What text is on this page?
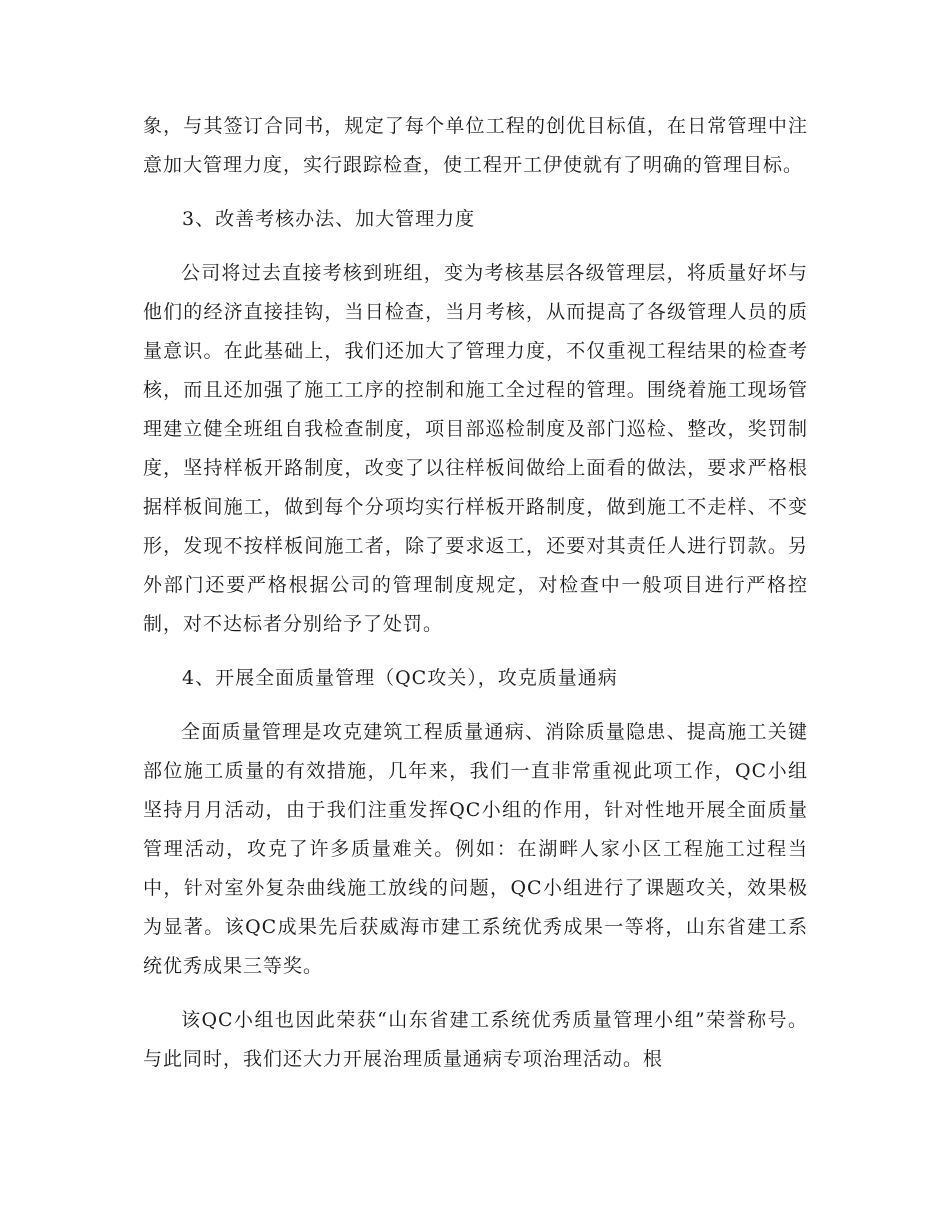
象，与其签订合同书，规定了每个单位工程的创优目标值，在日常管理中注意加大管理力度，实行跟踪检查，使工程开工伊使就有了明确的管理目标。

3、改善考核办法、加大管理力度

公司将过去直接考核到班组，变为考核基层各级管理层，将质量好坏与他们的经济直接挂钩，当日检查，当月考核，从而提高了各级管理人员的质量意识。在此基础上，我们还加大了管理力度，不仅重视工程结果的检查考核，而且还加强了施工工序的控制和施工全过程的管理。围绕着施工现场管理建立健全班组自我检查制度，项目部巡检制度及部门巡检、整改，奖罚制度，坚持样板开路制度，改变了以往样板间做给上面看的做法，要求严格根据样板间施工，做到每个分项均实行样板开路制度，做到施工不走样、不变形，发现不按样板间施工者，除了要求返工，还要对其责任人进行罚款。另外部门还要严格根据公司的管理制度规定，对检查中一般项目进行严格控制，对不达标者分别给予了处罚。

4、开展全面质量管理（QC攻关），攻克质量通病

全面质量管理是攻克建筑工程质量通病、消除质量隐患、提高施工关键部位施工质量的有效措施，几年来，我们一直非常重视此项工作，QC小组坚持月月活动，由于我们注重发挥QC小组的作用，针对性地开展全面质量管理活动，攻克了许多质量难关。例如：在湖畔人家小区工程施工过程当中，针对室外复杂曲线施工放线的问题，QC小组进行了课题攻关，效果极为显著。该QC成果先后获威海市建工系统优秀成果一等将，山东省建工系统优秀成果三等奖。

该QC小组也因此荣获“山东省建工系统优秀质量管理小组”荣誉称号。与此同时，我们还大力开展治理质量通病专项治理活动。根
